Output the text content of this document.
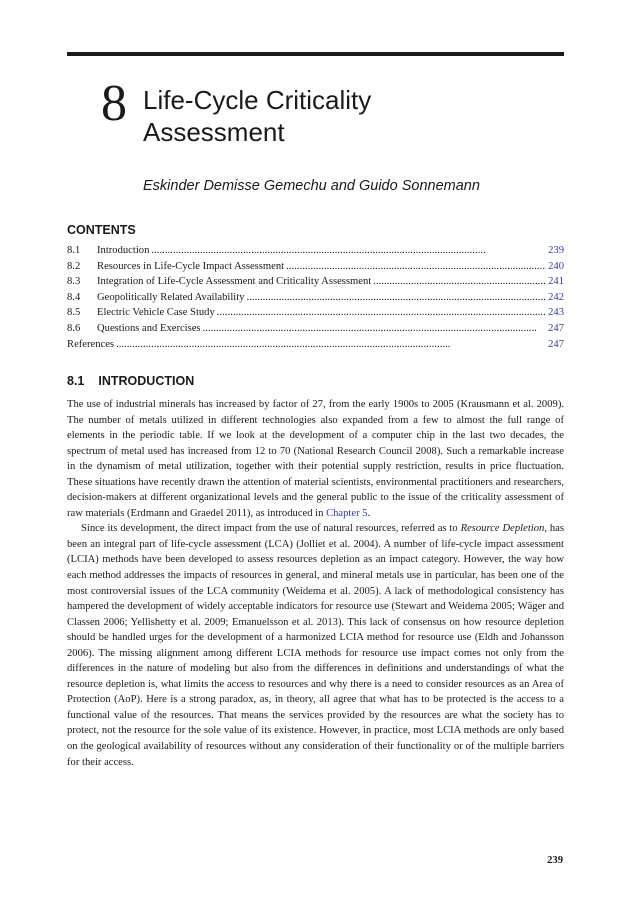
8 Life-Cycle Criticality
Assessment
Eskinder Demisse Gemechu and Guido Sonnemann
CONTENTS
8.1	Introduction . . .	239
8.2	Resources in Life-Cycle Impact Assessment . . .	240
8.3	Integration of Life-Cycle Assessment and Criticality Assessment . . .	241
8.4	Geopolitically Related Availability . . .	242
8.5	Electric Vehicle Case Study . . .	243
8.6	Questions and Exercises . . .	247
References . . .	247
8.1 INTRODUCTION

The use of industrial minerals has increased by factor of 27, from the early 1900s to 2005 (Krausmann et al. 2009). The number of metals utilized in different technologies also expanded from a few to almost the full range of elements in the periodic table. If we look at the development of a computer chip in the last two decades, the spectrum of metal used has increased from 12 to 70 (National Research Council 2008). Such a remarkable increase in the dynamism of metal utilization, together with their potential supply restriction, results in price fluctuation. These situations have recently drawn the attention of material scientists, environmental practitioners and researchers, decision-makers at different organizational levels and the general public to the issue of the criticality assessment of raw materials (Erdmann and Graedel 2011), as introduced in Chapter 5.

Since its development, the direct impact from the use of natural resources, referred as to Resource Depletion, has been an integral part of life-cycle assessment (LCA) (Jolliet et al. 2004). A number of life-cycle impact assessment (LCIA) methods have been developed to assess resources depletion as an impact category. However, the way how each method addresses the impacts of resources in general, and mineral metals use in particular, has been one of the most controversial issues of the LCA community (Weidema et al. 2005). A lack of methodological consistency has hampered the development of widely acceptable indicators for resource use (Stewart and Weidema 2005; Wäger and Classen 2006; Yellishetty et al. 2009; Emanuelsson et al. 2013). This lack of consensus on how resource depletion should be handled urges for the development of a harmonized LCIA method for resource use (Eldh and Johansson 2006). The missing alignment among different LCIA methods for resource use impact comes not only from the differences in the nature of modeling but also from the differences in definitions and understandings of what the resource depletion is, what limits the access to resources and why there is a need to consider resources as an Area of Protection (AoP). Here is a strong paradox, as, in theory, all agree that what has to be protected is the access to a functional value of the resources. That means the services provided by the resources are what the society has to protect, not the resource for the sole value of its existence. However, in practice, most LCIA methods are only based on the geological availability of resources without any consideration of their functionality or of the multiple barriers for their access.

239
